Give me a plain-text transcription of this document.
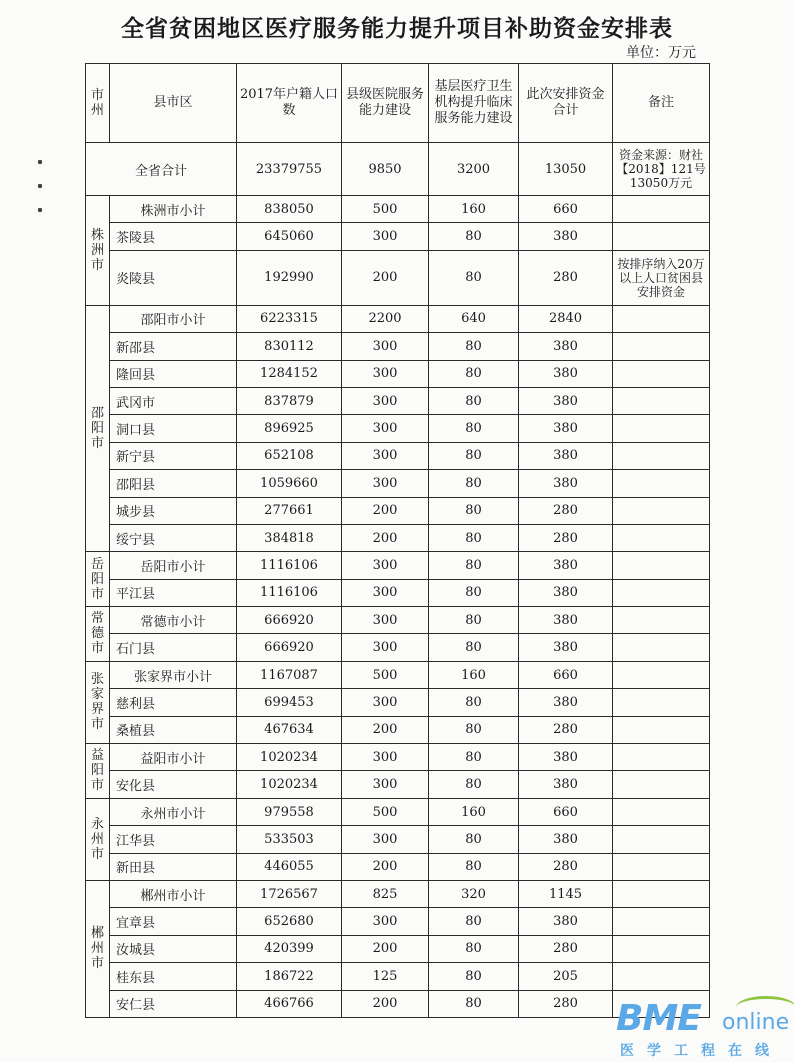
全省贫困地区医疗服务能力提升项目补助资金安排表
单位：万元
市州	县市区	2017年户籍人口数	县级医院服务能力建设	基层医疗卫生机构提升临床服务能力建设	此次安排资金合计	备注
全省合计		23379755	9850	3200	13050	资金来源：财社【2018】121号13050万元

株洲市	株洲市小计	838050	500	160	660	
	茶陵县	645060	300	80	380	
	炎陵县	192990	200	80	280	按排序纳入20万以上人口贫困县安排资金

邵阳市	邵阳市小计	6223315	2200	640	2840	
	新邵县	830112	300	80	380	
	隆回县	1284152	300	80	380	
	武冈市	837879	300	80	380	
	洞口县	896925	300	80	380	
	新宁县	652108	300	80	380	
	邵阳县	1059660	300	80	380	
	城步县	277661	200	80	280	
	绥宁县	384818	200	80	280	

岳阳市	岳阳市小计	1116106	300	80	380	
	平江县	1116106	300	80	380	

常德市	常德市小计	666920	300	80	380	
	石门县	666920	300	80	380	

张家界市	张家界市小计	1167087	500	160	660	
	慈利县	699453	300	80	380	
	桑植县	467634	200	80	280	

益阳市	益阳市小计	1020234	300	80	380	
	安化县	1020234	300	80	380	

永州市	永州市小计	979558	500	160	660	
	江华县	533503	300	80	380	
	新田县	446055	200	80	280	

郴州市	郴州市小计	1726567	825	320	1145	
	宜章县	652680	300	80	380	
	汝城县	420399	200	80	280	
	桂东县	186722	125	80	205	
	安仁县	466766	200	80	280	BME online
医学工程在线
